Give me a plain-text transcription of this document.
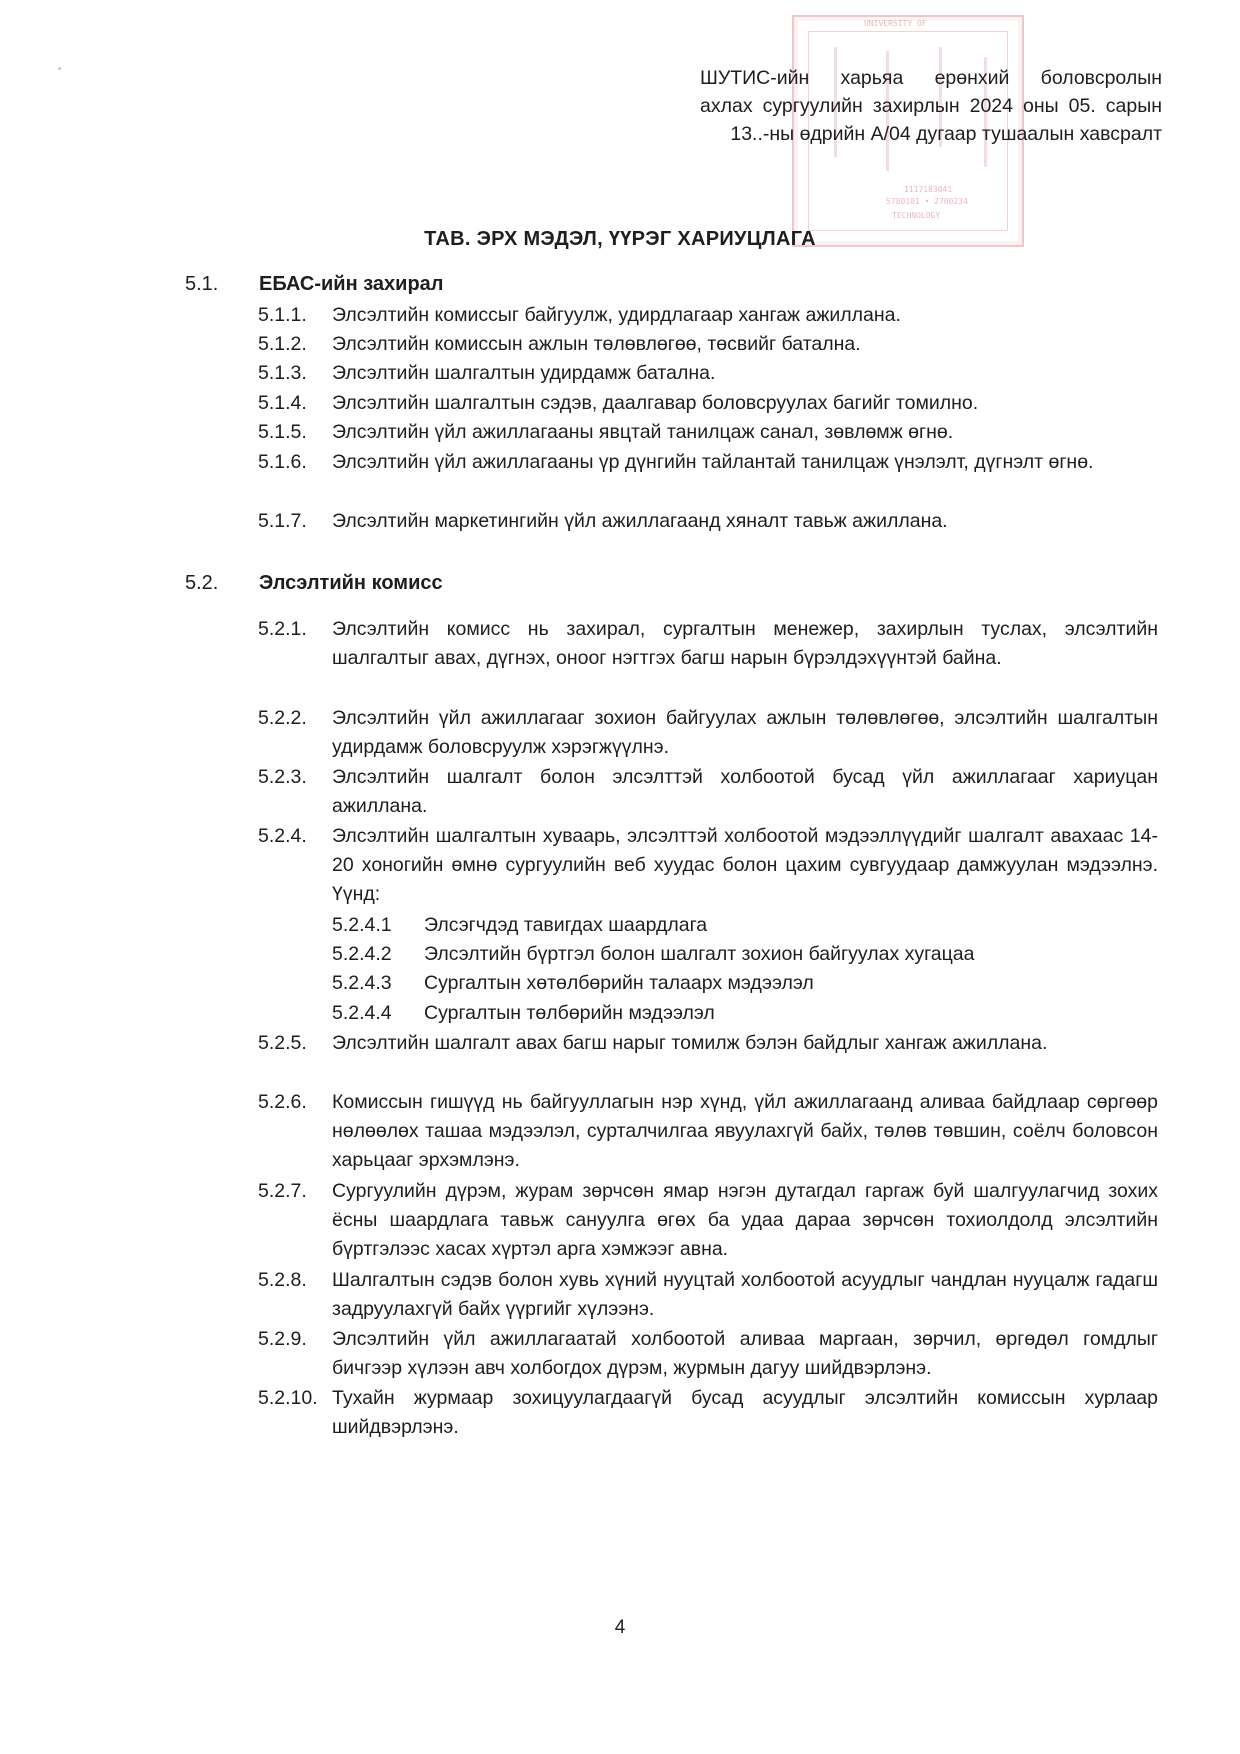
UNIVERSITY OF
1117183041
5780101 • 2700234
TECHNOLOGY
ШУТИС-ийн харьяа ерөнхий боловсролын
ахлах сургуулийн захирлын 2024 оны 05. сарын
13..-ны өдрийн A/04 дугаар тушаалын хавсралт
ТАВ. ЭРХ МЭДЭЛ, ҮҮРЭГ ХАРИУЦЛАГА
5.1. ЕБАС-ийн захирал
5.1.1. Элсэлтийн комиссыг байгуулж, удирдлагаар хангаж ажиллана.
5.1.2. Элсэлтийн комиссын ажлын төлөвлөгөө, төсвийг батална.
5.1.3. Элсэлтийн шалгалтын удирдамж батална.
5.1.4. Элсэлтийн шалгалтын сэдэв, даалгавар боловсруулах багийг томилно.
5.1.5. Элсэлтийн үйл ажиллагааны явцтай танилцаж санал, зөвлөмж өгнө.
5.1.6. Элсэлтийн үйл ажиллагааны үр дүнгийн тайлантай танилцаж үнэлэлт, дүгнэлт өгнө.
5.1.7. Элсэлтийн маркетингийн үйл ажиллагаанд хяналт тавьж ажиллана.
5.2. Элсэлтийн комисс
5.2.1. Элсэлтийн комисс нь захирал, сургалтын менежер, захирлын туслах, элсэлтийн шалгалтыг авах, дүгнэх, оноог нэгтгэх багш нарын бүрэлдэхүүнтэй байна.
5.2.2. Элсэлтийн үйл ажиллагааг зохион байгуулах ажлын төлөвлөгөө, элсэлтийн шалгалтын удирдамж боловсруулж хэрэгжүүлнэ.
5.2.3. Элсэлтийн шалгалт болон элсэлттэй холбоотой бусад үйл ажиллагааг хариуцан ажиллана.
5.2.4. Элсэлтийн шалгалтын хуваарь, элсэлттэй холбоотой мэдээллүүдийг шалгалт авахаас 14-20 хоногийн өмнө сургуулийн веб хуудас болон цахим сувгуудаар дамжуулан мэдээлнэ. Үүнд:
5.2.4.1 Элсэгчдэд тавигдах шаардлага
5.2.4.2 Элсэлтийн бүртгэл болон шалгалт зохион байгуулах хугацаа
5.2.4.3 Сургалтын хөтөлбөрийн талаарх мэдээлэл
5.2.4.4 Сургалтын төлбөрийн мэдээлэл
5.2.5. Элсэлтийн шалгалт авах багш нарыг томилж бэлэн байдлыг хангаж ажиллана.
5.2.6. Комиссын гишүүд нь байгууллагын нэр хүнд, үйл ажиллагаанд аливаа байдлаар сөргөөр нөлөөлөх ташаа мэдээлэл, сурталчилгаа явуулахгүй байх, төлөв төвшин, соёлч боловсон харьцааг эрхэмлэнэ.
5.2.7. Сургуулийн дүрэм, журам зөрчсөн ямар нэгэн дутагдал гаргаж буй шалгуулагчид зохих ёсны шаардлага тавьж сануулга өгөх ба удаа дараа зөрчсөн тохиолдолд элсэлтийн бүртгэлээс хасах хүртэл арга хэмжээг авна.
5.2.8. Шалгалтын сэдэв болон хувь хүний нууцтай холбоотой асуудлыг чандлан нууцалж гадагш задруулахгүй байх үүргийг хүлээнэ.
5.2.9. Элсэлтийн үйл ажиллагаатай холбоотой аливаа маргаан, зөрчил, өргөдөл гомдлыг бичгээр хүлээн авч холбогдох дүрэм, журмын дагуу шийдвэрлэнэ.
5.2.10. Тухайн журмаар зохицуулагдаагүй бусад асуудлыг элсэлтийн комиссын хурлаар шийдвэрлэнэ.
4
